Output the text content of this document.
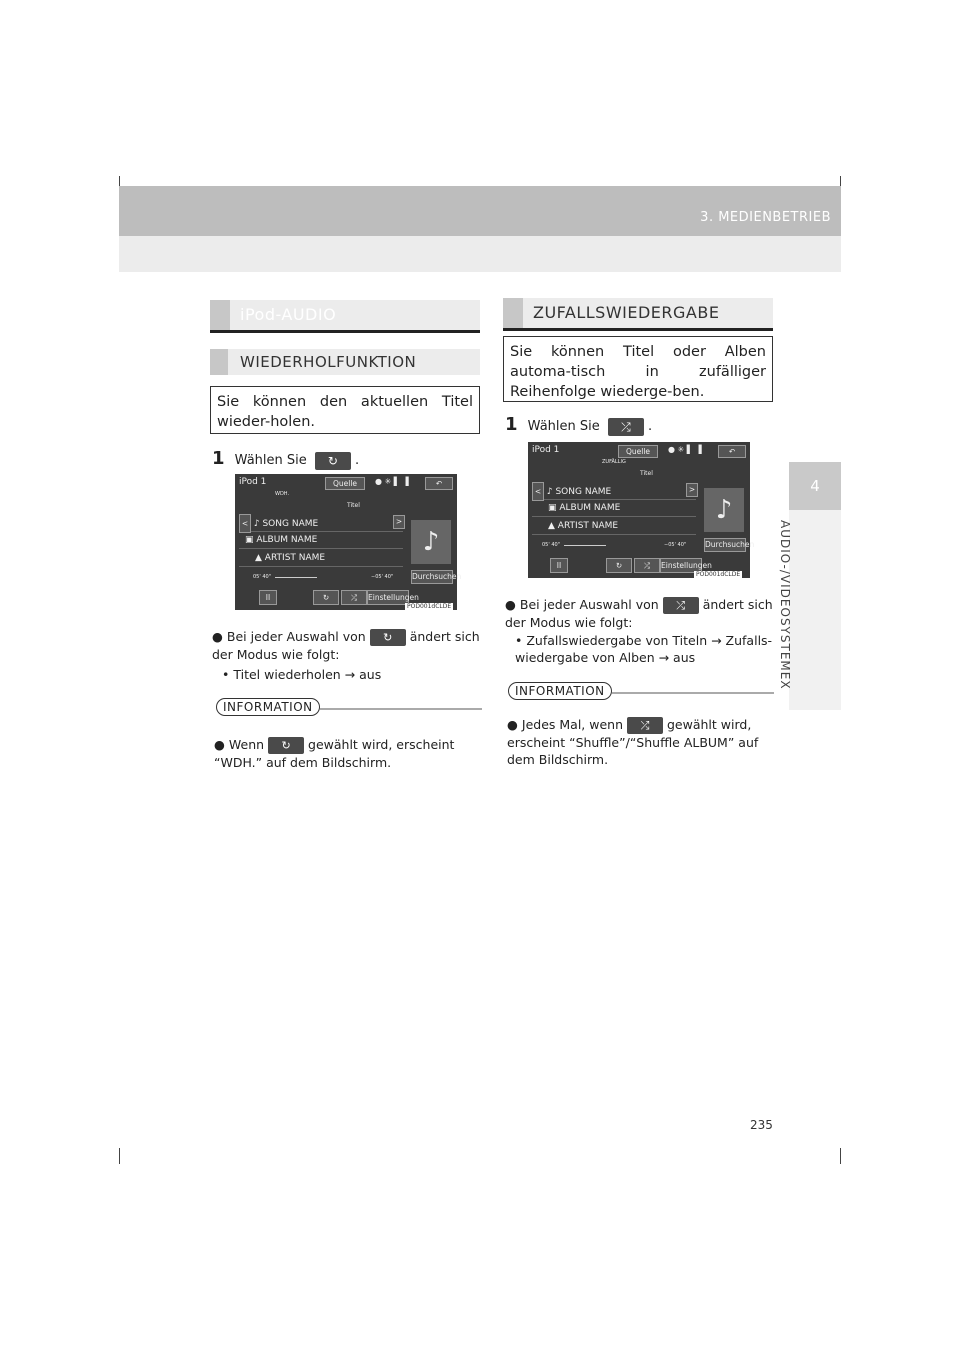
3. MEDIENBETRIEB
4
AUDIO-/VIDEOSYSTEMEX
iPod-AUDIO
WIEDERHOLFUNKTION
Sie können den aktuellen Titel wieder-holen.
1 Wählen Sie ↻ .
iPod 1	Quelle	● ✳ ▌ ▐	↶
WDH.
Titel
< ♪ SONG NAME	>
▣ ALBUM NAME
▲ ARTIST NAME
♪
Durchsuchen
05' 40"	−05' 40"
II	↻	⤮	Einstellungen
POD001dCLDE
● Bei jeder Auswahl von ↻ ändert sich der Modus wie folgt:
• Titel wiederholen → aus
INFORMATION
● Wenn ↻ gewählt wird, erscheint “WDH.” auf dem Bildschirm.
ZUFALLSWIEDERGABE
Sie können Titel oder Alben automa-tisch in zufälliger Reihenfolge wiederge-ben.
1 Wählen Sie ⤮ .
iPod 1	Quelle	● ✳ ▌ ▐	↶
ZUFÄLLIG
Titel
< ♪ SONG NAME	>
▣ ALBUM NAME
▲ ARTIST NAME
♪
Durchsuchen
05' 40"	−05' 40"
II	↻	⤮	Einstellungen
POD001dCLDE
● Bei jeder Auswahl von ⤮ ändert sich der Modus wie folgt:
• Zufallswiedergabe von Titeln → Zufalls-wiedergabe von Alben → aus
INFORMATION
● Jedes Mal, wenn ⤮ gewählt wird, erscheint “Shuffle”/“Shuffle ALBUM” auf dem Bildschirm.
235
